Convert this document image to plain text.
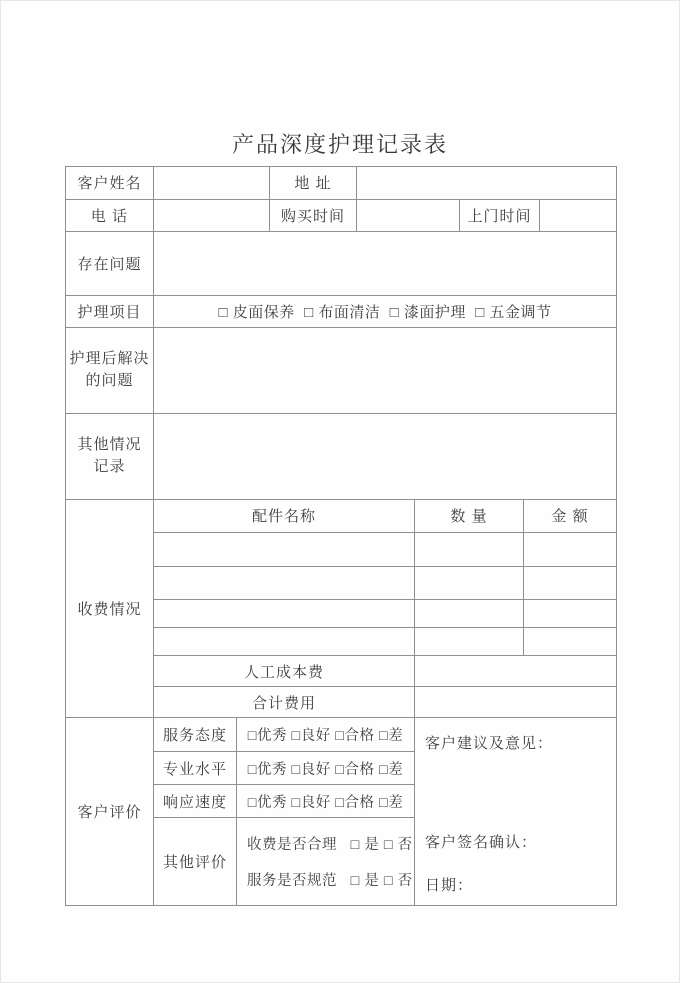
产品深度护理记录表
客户姓名	地 址
电 话	购买时间	上门时间
存在问题
护理项目	□ 皮面保养  □ 布面清洁  □ 漆面护理  □ 五金调节
护理后解决
的问题
其他情况
记录
收费情况
配件名称	数 量	金 额
人工成本费
合计费用
客户评价
服务态度	□优秀 □良好 □合格 □差
专业水平	□优秀 □良好 □合格 □差
响应速度	□优秀 □良好 □合格 □差
其他评价
收费是否合理   □ 是 □ 否
服务是否规范   □ 是 □ 否
客户建议及意见：
客户签名确认：
日期：
